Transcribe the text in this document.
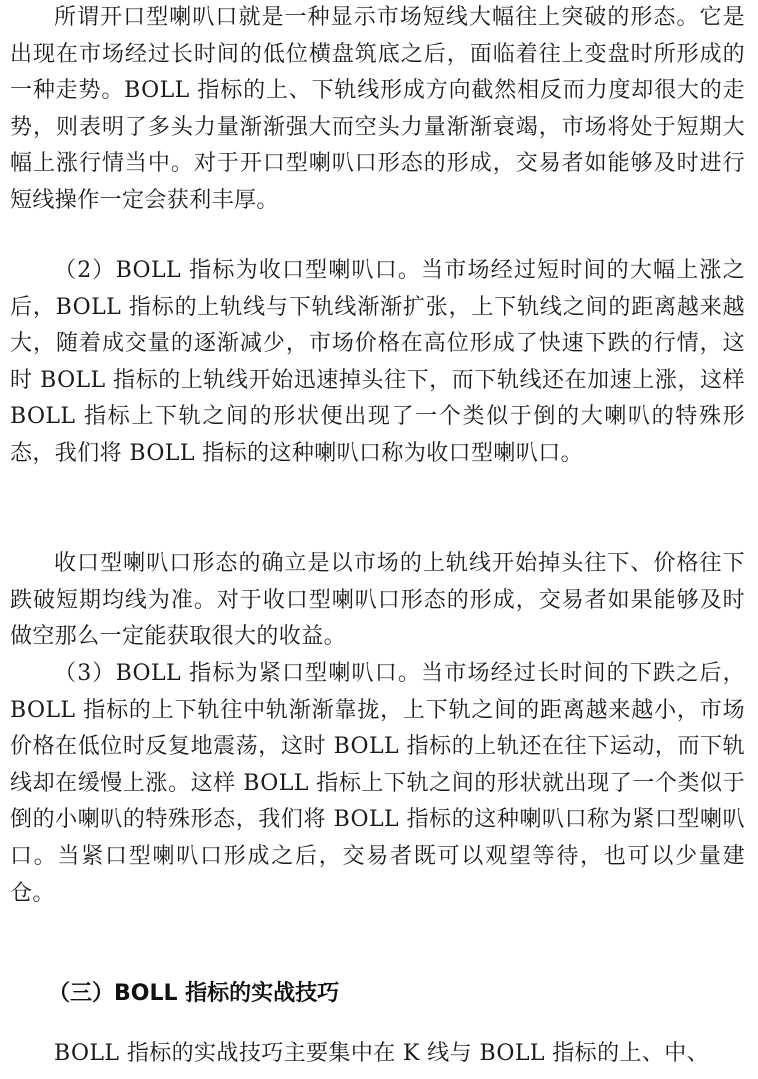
所谓开口型喇叭口就是一种显示市场短线大幅往上突破的形态。它是出现在市场经过长时间的低位横盘筑底之后，面临着往上变盘时所形成的一种走势。BOLL 指标的上、下轨线形成方向截然相反而力度却很大的走势，则表明了多头力量渐渐强大而空头力量渐渐衰竭，市场将处于短期大幅上涨行情当中。对于开口型喇叭口形态的形成，交易者如能够及时进行短线操作一定会获利丰厚。

（2）BOLL 指标为收口型喇叭口。当市场经过短时间的大幅上涨之后，BOLL 指标的上轨线与下轨线渐渐扩张，上下轨线之间的距离越来越大，随着成交量的逐渐减少，市场价格在高位形成了快速下跌的行情，这时 BOLL 指标的上轨线开始迅速掉头往下，而下轨线还在加速上涨，这样 BOLL 指标上下轨之间的形状便出现了一个类似于倒的大喇叭的特殊形态，我们将 BOLL 指标的这种喇叭口称为收口型喇叭口。

收口型喇叭口形态的确立是以市场的上轨线开始掉头往下、价格往下跌破短期均线为准。对于收口型喇叭口形态的形成，交易者如果能够及时做空那么一定能获取很大的收益。

（3）BOLL 指标为紧口型喇叭口。当市场经过长时间的下跌之后，BOLL 指标的上下轨往中轨渐渐靠拢，上下轨之间的距离越来越小，市场价格在低位时反复地震荡，这时 BOLL 指标的上轨还在往下运动，而下轨线却在缓慢上涨。这样 BOLL 指标上下轨之间的形状就出现了一个类似于倒的小喇叭的特殊形态，我们将 BOLL 指标的这种喇叭口称为紧口型喇叭口。当紧口型喇叭口形成之后，交易者既可以观望等待，也可以少量建仓。

（三）BOLL 指标的实战技巧

BOLL 指标的实战技巧主要集中在 K 线与 BOLL 指标的上、中、
